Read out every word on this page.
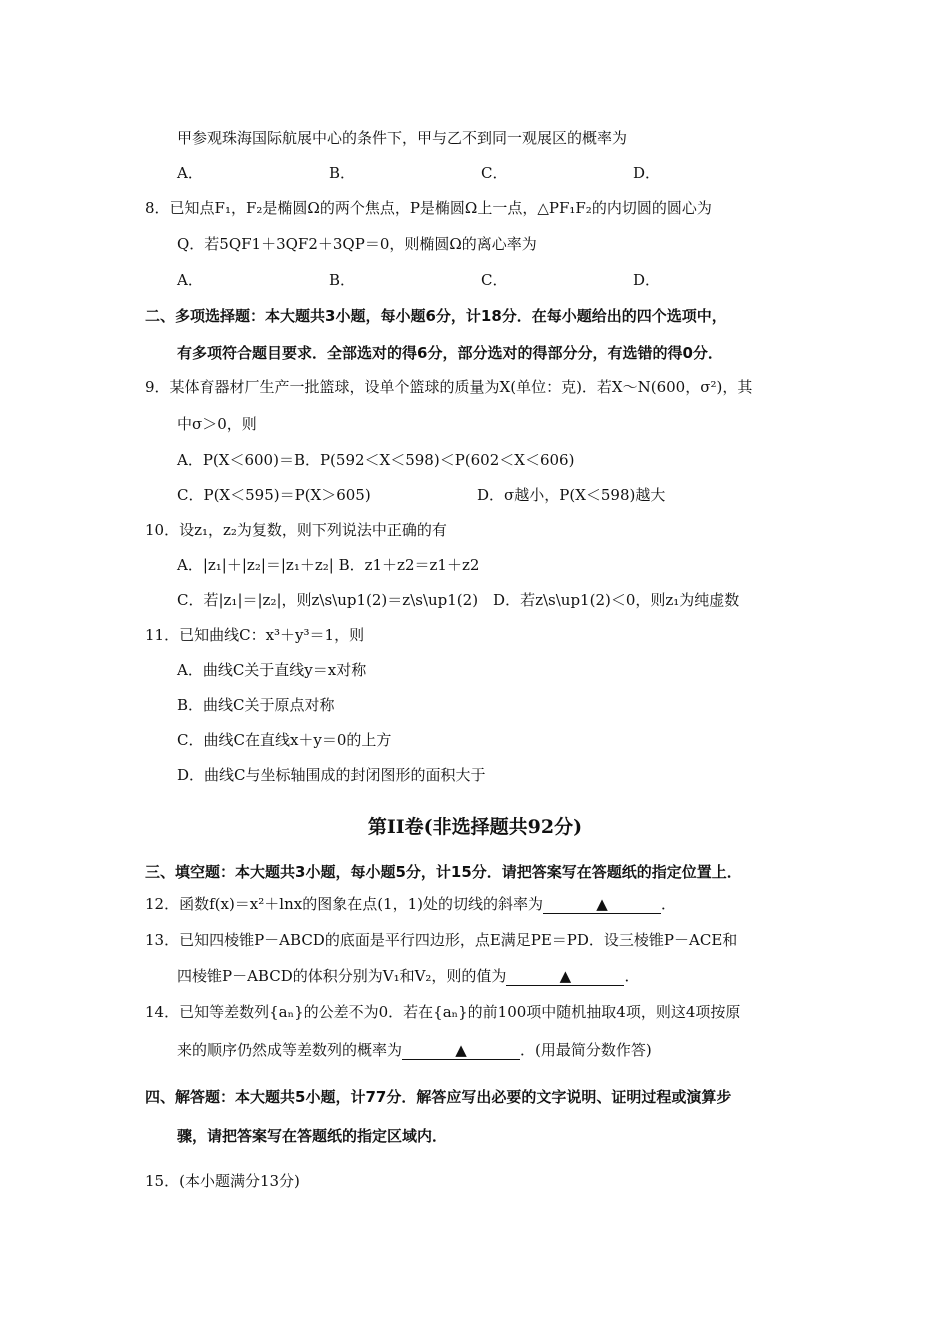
甲参观珠海国际航展中心的条件下，甲与乙不到同一观展区的概率为
A．	B．	C．	D．
8．已知点F₁，F₂是椭圆Ω的两个焦点，P是椭圆Ω上一点，△PF₁F₂的内切圆的圆心为
Q．若5QF1＋3QF2＋3QP＝0，则椭圆Ω的离心率为
A．	B．	C．	D．
二、多项选择题：本大题共3小题，每小题6分，计18分．在每小题给出的四个选项中，
有多项符合题目要求．全部选对的得6分，部分选对的得部分分，有选错的得0分．
9．某体育器材厂生产一批篮球，设单个篮球的质量为X(单位：克)．若X～N(600，σ²)，其
中σ＞0，则
A．P(X＜600)＝B．P(592＜X＜598)＜P(602＜X＜606)
C．P(X＜595)＝P(X＞605)	D．σ越小，P(X＜598)越大
10．设z₁，z₂为复数，则下列说法中正确的有
A．|z₁|＋|z₂|＝|z₁＋z₂| B．z1＋z2＝z1＋z2
C．若|z₁|＝|z₂|，则z\s\up1(2)＝z\s\up1(2)　D．若z\s\up1(2)＜0，则z₁为纯虚数
11．已知曲线C：x³＋y³＝1，则
A．曲线C关于直线y＝x对称
B．曲线C关于原点对称
C．曲线C在直线x＋y＝0的上方
D．曲线C与坐标轴围成的封闭图形的面积大于
第II卷(非选择题共92分)
三、填空题：本大题共3小题，每小题5分，计15分．请把答案写在答题纸的指定位置上．
12．函数f(x)＝x²＋lnx的图象在点(1，1)处的切线的斜率为	▲	．
13．已知四棱锥P－ABCD的底面是平行四边形，点E满足PE＝PD．设三棱锥P－ACE和
四棱锥P－ABCD的体积分别为V₁和V₂，则的值为	▲	．
14．已知等差数列{aₙ}的公差不为0．若在{aₙ}的前100项中随机抽取4项，则这4项按原
来的顺序仍然成等差数列的概率为	▲	．(用最简分数作答)
四、解答题：本大题共5小题，计77分．解答应写出必要的文字说明、证明过程或演算步
骤，请把答案写在答题纸的指定区域内．
15．(本小题满分13分)
